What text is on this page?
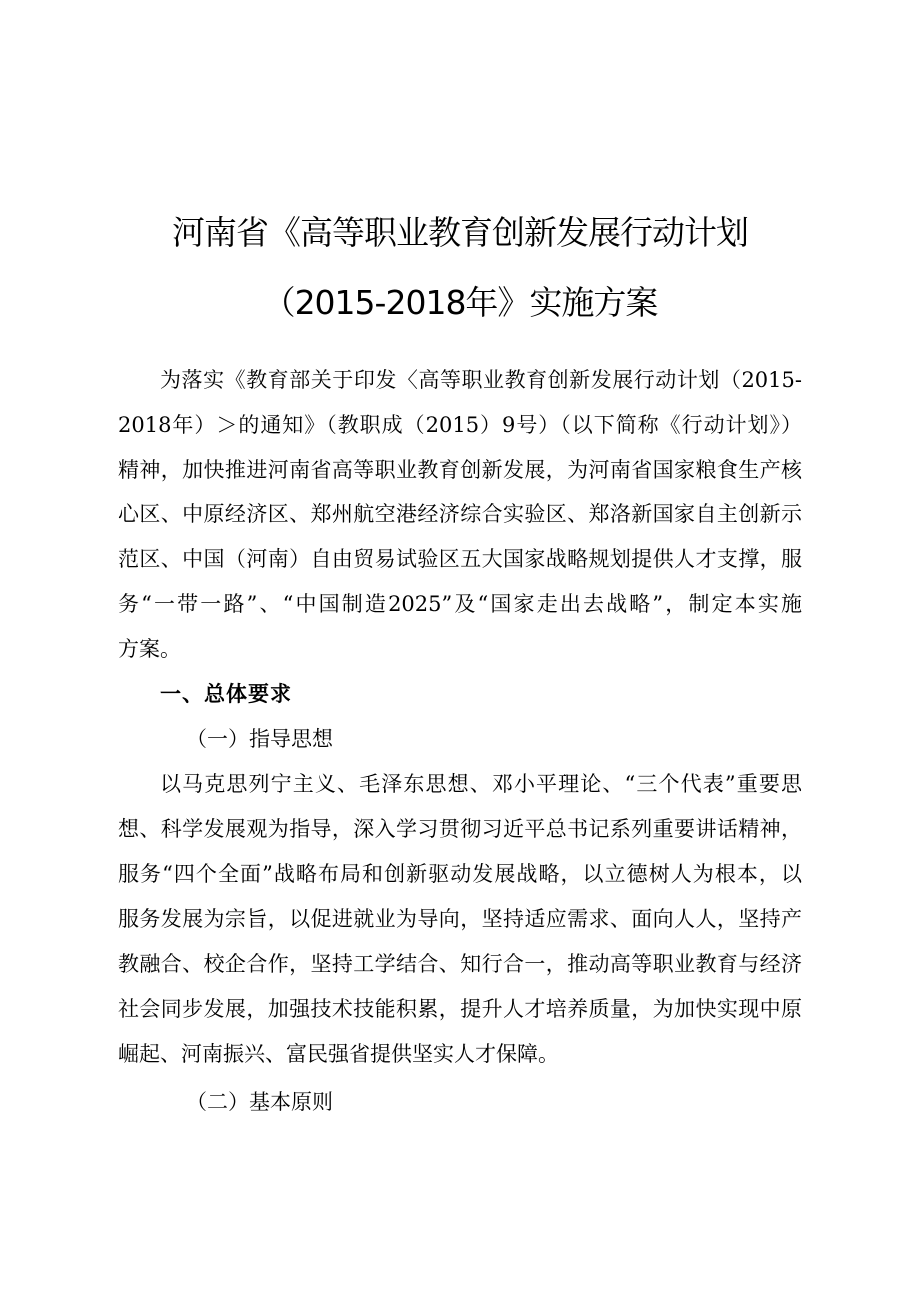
河南省《高等职业教育创新发展行动计划
（2015-2018年》实施方案
为落实《教育部关于印发〈高等职业教育创新发展行动计划（2015-
2018年）＞的通知》（教职成（2015）9号）（以下简称《行动计划》）
精神，加快推进河南省高等职业教育创新发展，为河南省国家粮食生产核
心区、中原经济区、郑州航空港经济综合实验区、郑洛新国家自主创新示
范区、中国（河南）自由贸易试验区五大国家战略规划提供人才支撑，服
务“一带一路”、“中国制造2025”及“国家走出去战略”，制定本实施
方案。
一、总体要求
（一）指导思想
以马克思列宁主义、毛泽东思想、邓小平理论、“三个代表”重要思
想、科学发展观为指导，深入学习贯彻习近平总书记系列重要讲话精神，
服务“四个全面”战略布局和创新驱动发展战略，以立德树人为根本，以
服务发展为宗旨，以促进就业为导向，坚持适应需求、面向人人，坚持产
教融合、校企合作，坚持工学结合、知行合一，推动高等职业教育与经济
社会同步发展，加强技术技能积累，提升人才培养质量，为加快实现中原
崛起、河南振兴、富民强省提供坚实人才保障。
（二）基本原则
